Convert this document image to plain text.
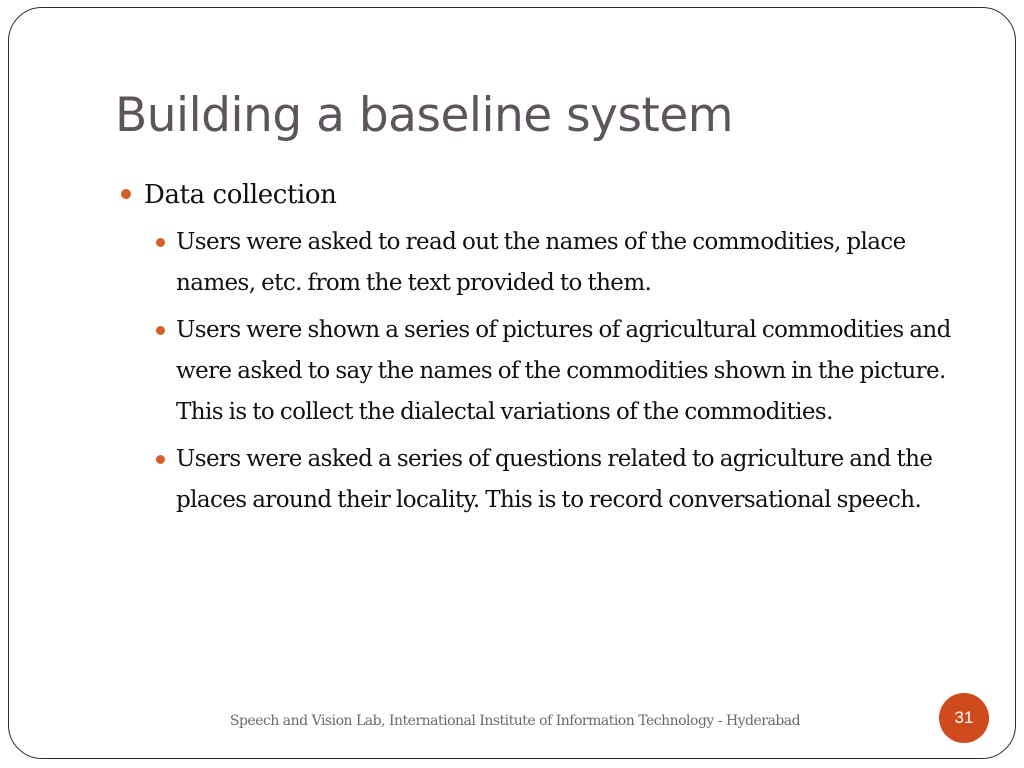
Building a baseline system
Data collection
Users were asked to read out the names of the commodities, place names, etc. from the text provided to them.
Users were shown a series of pictures of agricultural commodities and were asked to say the names of the commodities shown in the picture. This is to collect the dialectal variations of the commodities.
Users were asked a series of questions related to agriculture and the places around their locality. This is to record conversational speech.
Speech and Vision Lab, International Institute of Information Technology - Hyderabad	31
